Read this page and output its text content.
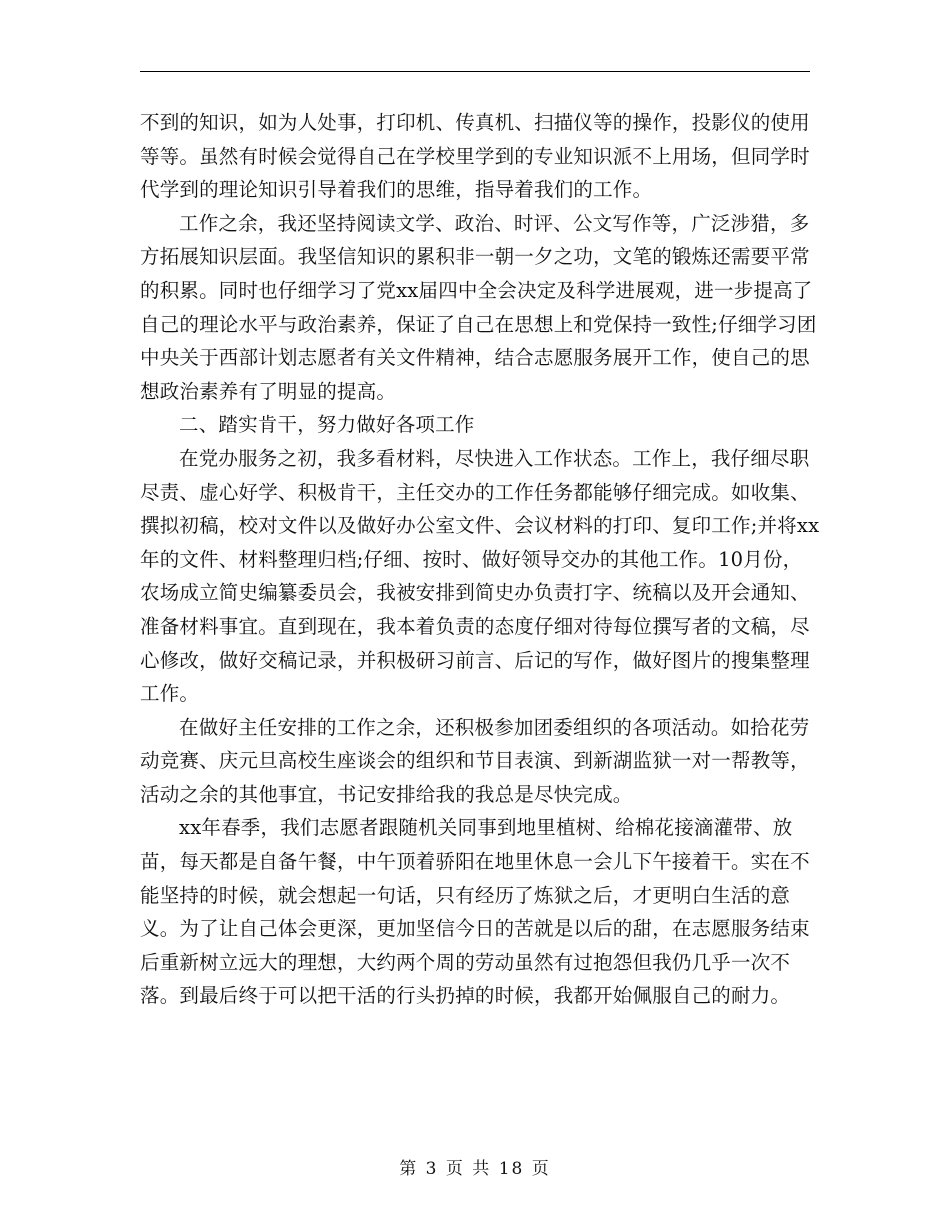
不到的知识，如为人处事，打印机、传真机、扫描仪等的操作，投影仪的使用等等。虽然有时候会觉得自己在学校里学到的专业知识派不上用场，但同学时代学到的理论知识引导着我们的思维，指导着我们的工作。

工作之余，我还坚持阅读文学、政治、时评、公文写作等，广泛涉猎，多方拓展知识层面。我坚信知识的累积非一朝一夕之功，文笔的锻炼还需要平常的积累。同时也仔细学习了党xx届四中全会决定及科学进展观，进一步提高了自己的理论水平与政治素养，保证了自己在思想上和党保持一致性;仔细学习团中央关于西部计划志愿者有关文件精神，结合志愿服务展开工作，使自己的思想政治素养有了明显的提高。

二、踏实肯干，努力做好各项工作

在党办服务之初，我多看材料，尽快进入工作状态。工作上，我仔细尽职尽责、虚心好学、积极肯干，主任交办的工作任务都能够仔细完成。如收集、撰拟初稿，校对文件以及做好办公室文件、会议材料的打印、复印工作;并将xx年的文件、材料整理归档;仔细、按时、做好领导交办的其他工作。10月份，农场成立简史编纂委员会，我被安排到简史办负责打字、统稿以及开会通知、准备材料事宜。直到现在，我本着负责的态度仔细对待每位撰写者的文稿，尽心修改，做好交稿记录，并积极研习前言、后记的写作，做好图片的搜集整理工作。

在做好主任安排的工作之余，还积极参加团委组织的各项活动。如拾花劳动竞赛、庆元旦高校生座谈会的组织和节目表演、到新湖监狱一对一帮教等，活动之余的其他事宜，书记安排给我的我总是尽快完成。

xx年春季，我们志愿者跟随机关同事到地里植树、给棉花接滴灌带、放苗，每天都是自备午餐，中午顶着骄阳在地里休息一会儿下午接着干。实在不能坚持的时候，就会想起一句话，只有经历了炼狱之后，才更明白生活的意义。为了让自己体会更深，更加坚信今日的苦就是以后的甜，在志愿服务结束后重新树立远大的理想，大约两个周的劳动虽然有过抱怨但我仍几乎一次不落。到最后终于可以把干活的行头扔掉的时候，我都开始佩服自己的耐力。

第 3 页 共 18 页
